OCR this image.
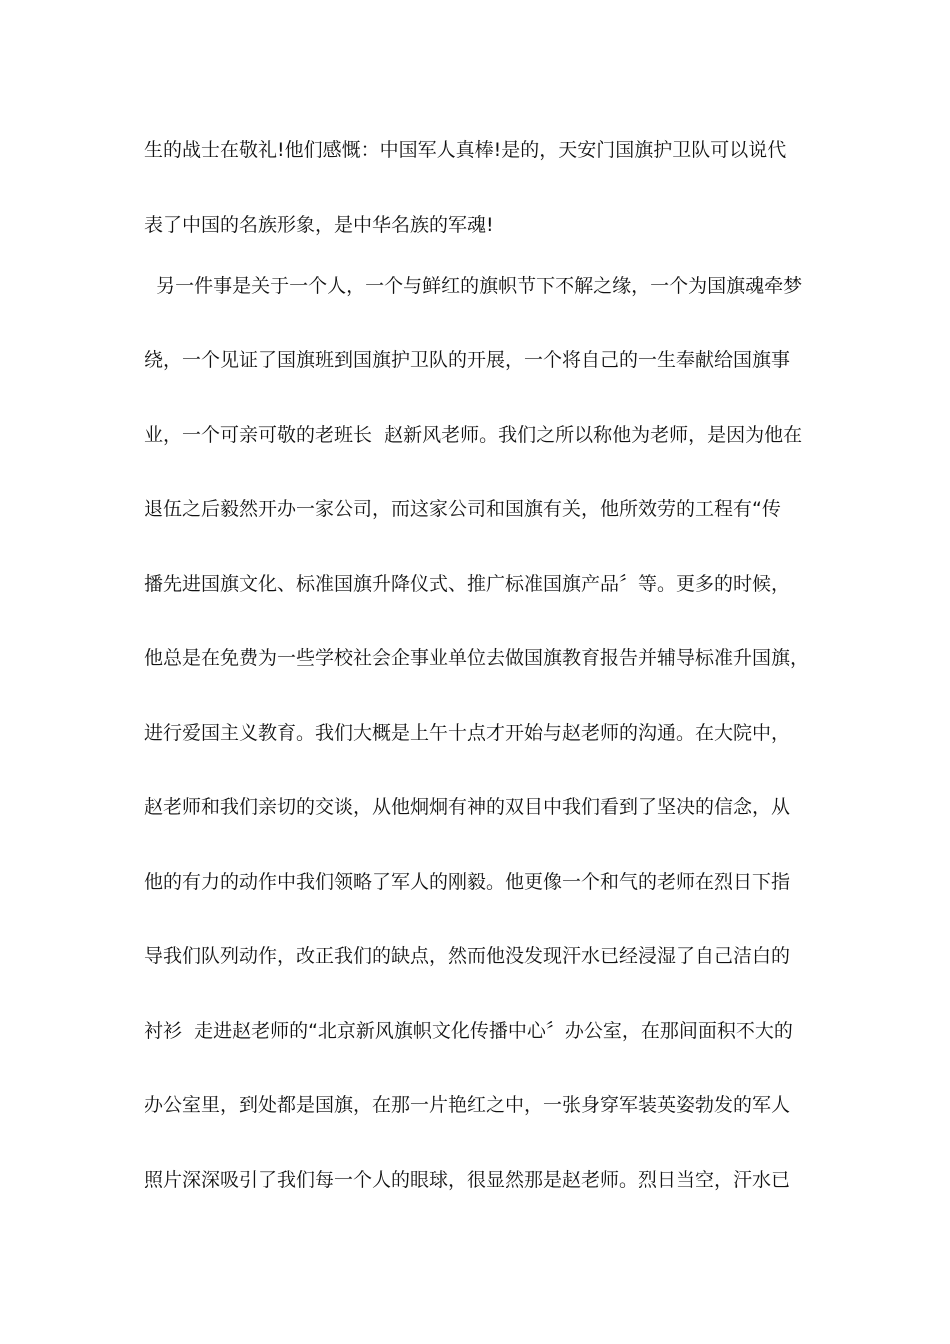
生的战士在敬礼!他们感慨：中国军人真棒!是的，天安门国旗护卫队可以说代
表了中国的名族形象，是中华名族的军魂!
另一件事是关于一个人，一个与鲜红的旗帜节下不解之缘，一个为国旗魂牵梦
绕，一个见证了国旗班到国旗护卫队的开展，一个将自己的一生奉献给国旗事
业，一个可亲可敬的老班长  赵新风老师。我们之所以称他为老师，是因为他在
退伍之后毅然开办一家公司，而这家公司和国旗有关，他所效劳的工程有“传
播先进国旗文化、标准国旗升降仪式、推广标准国旗产品〞等。更多的时候，
他总是在免费为一些学校社会企事业单位去做国旗教育报告并辅导标准升国旗，
进行爱国主义教育。我们大概是上午十点才开始与赵老师的沟通。在大院中，
赵老师和我们亲切的交谈，从他炯炯有神的双目中我们看到了坚决的信念，从
他的有力的动作中我们领略了军人的刚毅。他更像一个和气的老师在烈日下指
导我们队列动作，改正我们的缺点，然而他没发现汗水已经浸湿了自己洁白的
衬衫  走进赵老师的“北京新风旗帜文化传播中心〞办公室，在那间面积不大的
办公室里，到处都是国旗，在那一片艳红之中，一张身穿军装英姿勃发的军人
照片深深吸引了我们每一个人的眼球，很显然那是赵老师。烈日当空，汗水已
